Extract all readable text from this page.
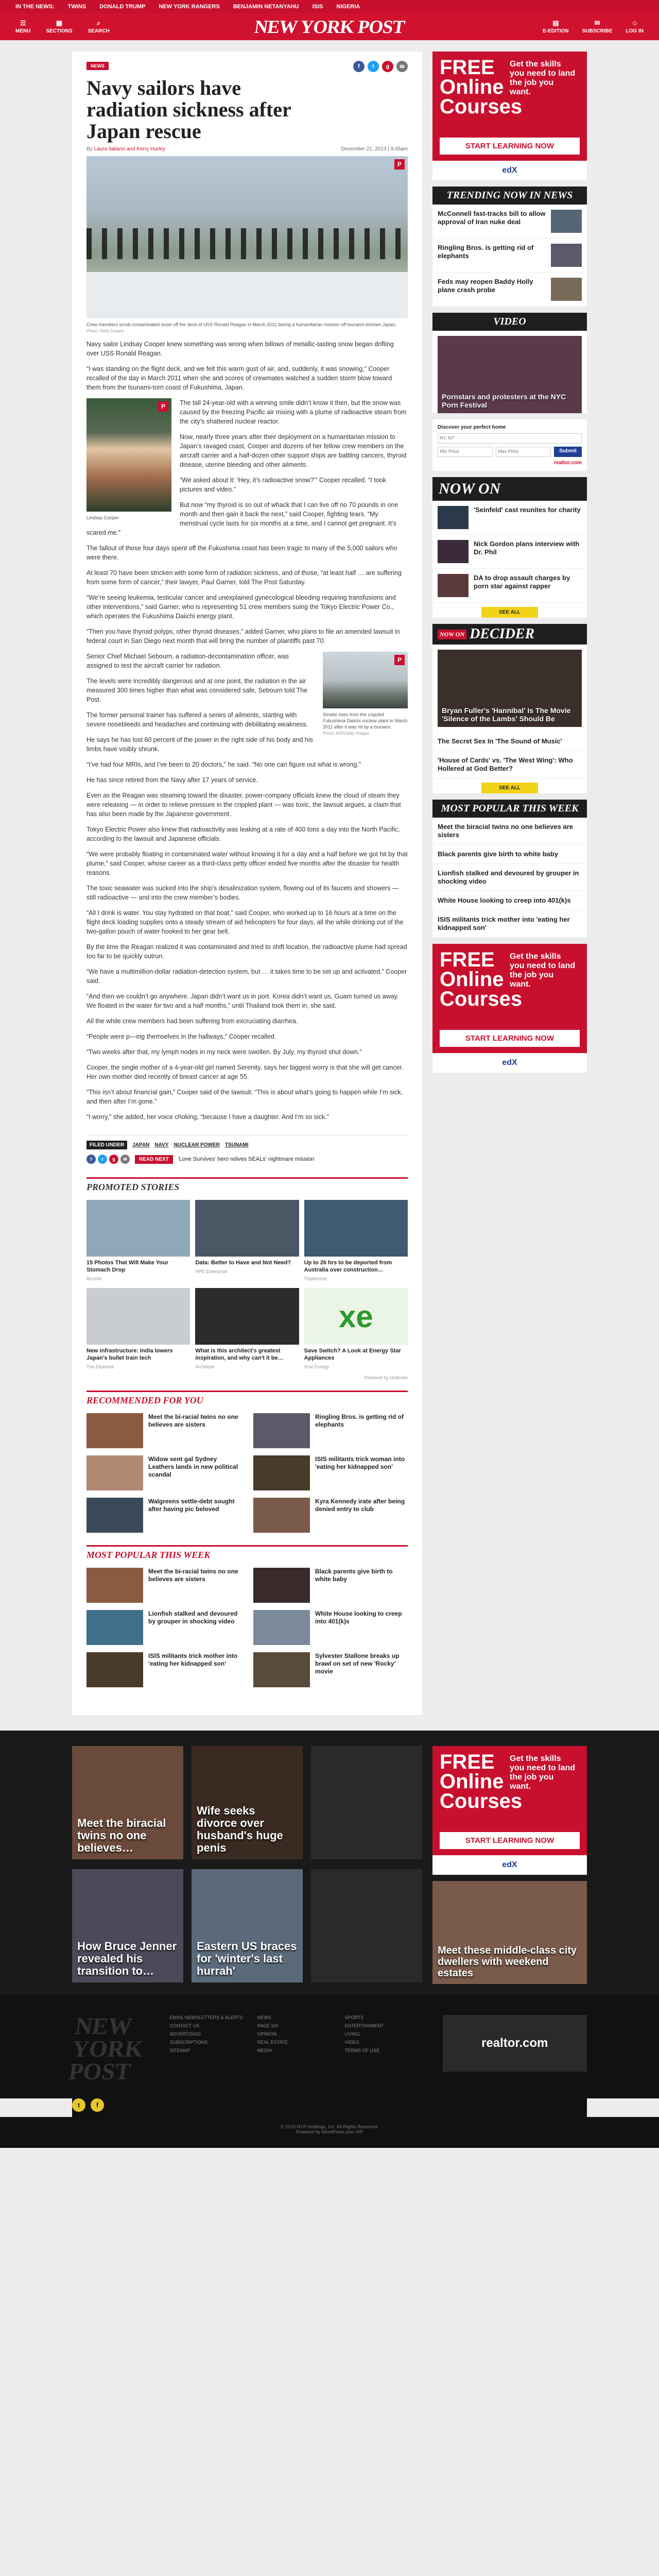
IN THE NEWS: TWINS DONALD TRUMP NEW YORK RANGERS BENJAMIN NETANYAHU ISIS NIGERIA
☰
MENU
▦
SECTIONS
⌕
SEARCH	NEW YORK POST	▤
E-EDITION
✉
SUBSCRIBE
☺
LOG IN
NEWS	f	t	g	✉
Navy sailors have radiation sickness after Japan rescue
By Laura Italiano and Kerry Hurley	December 21, 2013 | 9:45am
P
Crew members scrub contaminated snow off the deck of USS Ronald Reagan in March 2011 during a humanitarian mission off tsunami-stricken Japan.
Photo: Getty Images

Navy sailor Lindsay Cooper knew something was wrong when billows of metallic-tasting snow began drifting over USS Ronald Reagan.

“I was standing on the flight deck, and we felt this warm gust of air, and, suddenly, it was snowing,” Cooper recalled of the day in March 2011 when she and scores of crewmates watched a sudden storm blow toward them from the tsunami-torn coast of Fukushima, Japan.

P
Lindsay Cooper

The tall 24-year-old with a winning smile didn’t know it then, but the snow was caused by the freezing Pacific air mixing with a plume of radioactive steam from the city’s shattered nuclear reactor.

Now, nearly three years after their deployment on a humanitarian mission to Japan’s ravaged coast, Cooper and dozens of her fellow crew members on the aircraft carrier and a half-dozen other support ships are battling cancers, thyroid disease, uterine bleeding and other ailments.

“We asked about it: ‘Hey, it’s radioactive snow?’” Cooper recalled. “I took pictures and video.”

But now “my thyroid is so out of whack that I can live off no 70 pounds in one month and then gain it back the next,” said Cooper, fighting tears. “My menstrual cycle lasts for six months at a time, and I cannot get pregnant. It’s scared me.”

The fallout of those four days spent off the Fukushima coast has been tragic to many of the 5,000 sailors who were there.

At least 70 have been stricken with some form of radiation sickness, and of those, “at least half … are suffering from some form of cancer,” their lawyer, Paul Garner, told The Post Saturday.

“We’re seeing leukemia, testicular cancer and unexplained gynecological bleeding requiring transfusions and other interventions,” said Garner, who is representing 51 crew members suing the Tokyo Electric Power Co., which operates the Fukushima Daiichi energy plant.

“Then you have thyroid polyps, other thyroid diseases,” added Garner, who plans to file an amended lawsuit in federal court in San Diego next month that will bring the number of plaintiffs past 70.

P
Smoke rises from the crippled Fukushima Daiichi nuclear plant in March 2011 after it was hit by a tsunami.
Photo: AFP/Getty Images

Senior Chief Michael Sebourn, a radiation-decontamination officer, was assigned to test the aircraft carrier for radiation.

The levels were incredibly dangerous and at one point, the radiation in the air measured 300 times higher than what was considered safe, Sebourn told The Post.

The former personal trainer has suffered a series of ailments, starting with severe nosebleeds and headaches and continuing with debilitating weakness.

He says he has lost 60 percent of the power in the right side of his body and his limbs have visibly shrunk.

“I’ve had four MRIs, and I’ve been to 20 doctors,” he said. “No one can figure out what is wrong.”

He has since retired from the Navy after 17 years of service.

Even as the Reagan was steaming toward the disaster, power-company officials knew the cloud of steam they were releasing — in order to relieve pressure in the crippled plant — was toxic, the lawsuit argues, a claim that has also been made by the Japanese government.

Tokyo Electric Power also knew that radioactivity was leaking at a rate of 400 tons a day into the North Pacific, according to the lawsuit and Japanese officials.

“We were probably floating in contaminated water without knowing it for a day and a half before we got hit by that plume,” said Cooper, whose career as a third-class petty officer ended five months after the disaster for health reasons.

The toxic seawater was sucked into the ship’s desalinization system, flowing out of its faucets and showers — still radioactive — and into the crew member’s bodies.

“All I drink is water. You stay hydrated on that boat,” said Cooper, who worked up to 16 hours at a time on the flight deck loading supplies onto a steady stream of aid helicopters for four days, all the while drinking out of the two-gallon pouch of water hooked to her gear belt.

By the time the Reagan realized it was contaminated and tried to shift location, the radioactive plume had spread too far to be quickly outrun.

“We have a multimillion-dollar radiation-detection system, but … it takes time to be set up and activated,” Cooper said.

“And then we couldn’t go anywhere. Japan didn’t want us in port. Korea didn’t want us, Guam turned us away. We floated in the water for two and a half months,” until Thailand took them in, she said.

All the while crew members had been suffering from excruciating diarrhea.

“People were p—ing themselves in the hallways,” Cooper recalled.

“Two weeks after that, my lymph nodes in my neck were swollen. By July, my thyroid shut down.”

Cooper, the single mother of a 4-year-old girl named Serenity, says her biggest worry is that she will get cancer. Her own mother died recently of breast cancer at age 55.

“This isn’t about financial gain,” Cooper said of the lawsuit. “This is about what’s going to happen while I’m sick, and then after I’m gone.”

“I worry,” she added, her voice choking, “because I have a daughter. And I’m so sick.”

FILED UNDER	JAPAN NAVY NUCLEAR POWER TSUNAMI
f	t	g	✉	READ NEXT	'Love Survives' hero relives SEALs' nightmare mission
PROMOTED STORIES

15 Photos That Will Make Your Stomach Drop

Buzzlie

Data: Better to Have and Not Need?

HPE Enterprise

Up to 26 hrs to be deported from Australia over construction…

TripAdvisor

New infrastructure: India lowers Japan's bullet train tech

The Diplomat

What is this architect's greatest inspiration, and why can't it be…

Architizer
xe

Save Switch? A Look at Energy Star Appliances

Xcel Energy
Powered by Outbrain
RECOMMENDED FOR YOU

Meet the bi-racial twins no one believes are sisters

Ringling Bros. is getting rid of elephants

Widow sent gal Sydney Leathers lands in new political scandal

ISIS militants trick woman into 'eating her kidnapped son'

Walgreens settle-debt sought after having pic beloved

Kyra Kennedy irate after being denied entry to club

MOST POPULAR THIS WEEK

Meet the bi-racial twins no one believes are sisters

Black parents give birth to white baby

Lionfish stalked and devoured by grouper in shocking video

White House looking to creep into 401(k)s

ISIS militants trick mother into 'eating her kidnapped son'

Sylvester Stallone breaks up brawl on set of new 'Rocky' movie

FREE Online Courses
Get the skills you need to land the job you want.
START LEARNING NOW
edX
TRENDING NOW IN NEWS

McConnell fast-tracks bill to allow approval of Iran nuke deal

Ringling Bros. is getting rid of elephants

Feds may reopen Baddy Holly plane crash probe

VIDEO

Pornstars and protesters at the NYC Porn Festival

Discover your perfect home
NY, NY
Min Price	Max Price	Submit
realtor.com
NOW ON

'Seinfeld' cast reunites for charity

Nick Gordon plans interview with Dr. Phil

DA to drop assault charges by porn star against rapper

SEE ALL
NOW ON DECIDER

Bryan Fuller's 'Hannibal' Is The Movie 'Silence of the Lambs' Should Be

The Secret Sex In 'The Sound of Music'

'House of Cards' vs. 'The West Wing': Who Hollered at God Better?

SEE ALL
MOST POPULAR THIS WEEK

Meet the biracial twins no one believes are sisters

Black parents give birth to white baby

Lionfish stalked and devoured by grouper in shocking video

White House looking to creep into 401(k)s

ISIS militants trick mother into 'eating her kidnapped son'

FREE Online Courses
Get the skills you need to land the job you want.
START LEARNING NOW
edX

Meet the biracial twins no one believes…

Wife seeks divorce over husband's huge penis

How Bruce Jenner revealed his transition to…

Eastern US braces for 'winter's last hurrah'

FREE Online Courses
Get the skills you need to land the job you want.
START LEARNING NOW
edX

Meet these middle-class city dwellers with weekend estates

NEW YORK POST
EMAIL NEWSLETTERS & ALERTS	NEWS	SPORTS
CONTACT US	PAGE SIX	ENTERTAINMENT
ADVERTISING	OPINION	LIVING
SUBSCRIPTIONS	REAL ESTATE	VIDEO
SITEMAP	MEDIA	TERMS OF USE
realtor.com
t	f
© 2015 NYP Holdings, Inc. All Rights Reserved.
Powered by WordPress.com VIP
